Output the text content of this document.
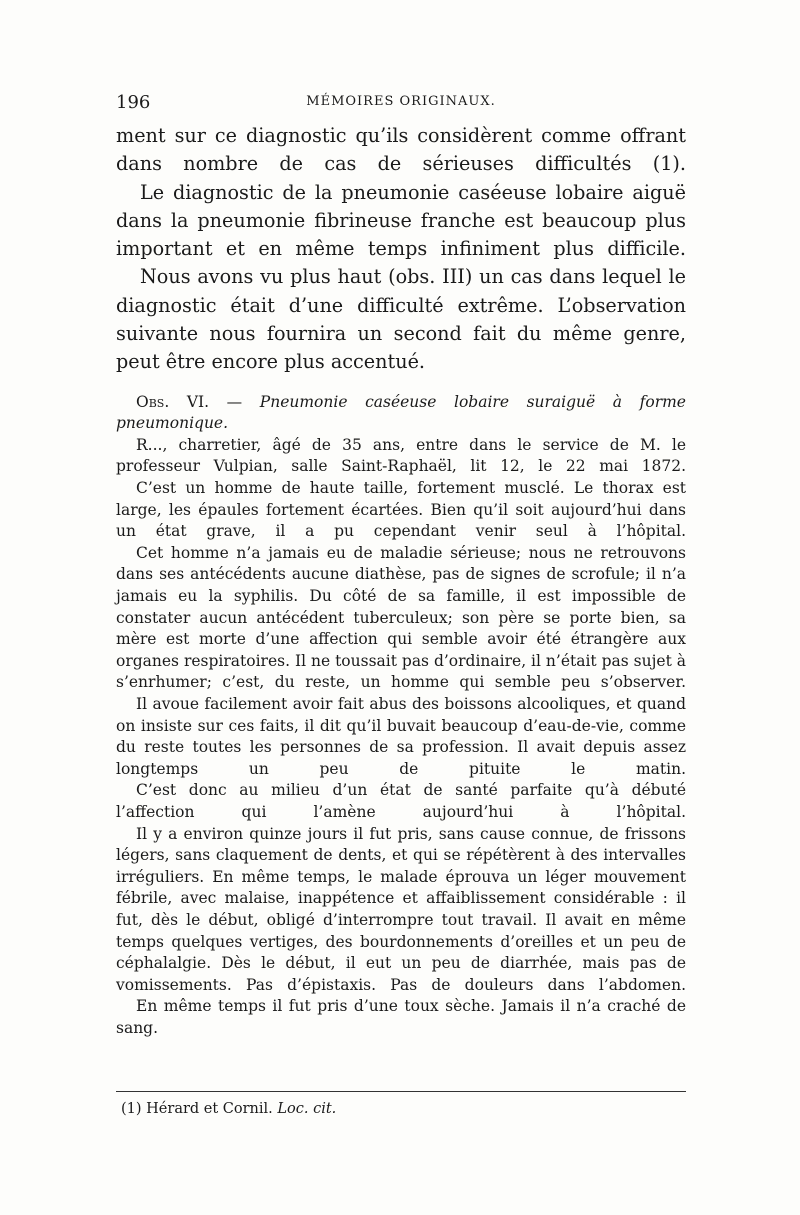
196	MÉMOIRES ORIGINAUX.

ment sur ce diagnostic qu’ils considèrent comme offrant dans nombre de cas de sérieuses difficultés (1).

Le diagnostic de la pneumonie caséeuse lobaire aiguë dans la pneumonie fibrineuse franche est beaucoup plus important et en même temps infiniment plus difficile.

Nous avons vu plus haut (obs. III) un cas dans lequel le diagnostic était d’une difficulté extrême. L’observation suivante nous fournira un second fait du même genre, peut être encore plus accentué.

Obs. VI. — Pneumonie caséeuse lobaire suraiguë à forme pneumonique.

R..., charretier, âgé de 35 ans, entre dans le service de M. le professeur Vulpian, salle Saint-Raphaël, lit 12, le 22 mai 1872.

C’est un homme de haute taille, fortement musclé. Le thorax est large, les épaules fortement écartées. Bien qu’il soit aujourd’hui dans un état grave, il a pu cependant venir seul à l’hôpital.

Cet homme n’a jamais eu de maladie sérieuse; nous ne retrouvons dans ses antécédents aucune diathèse, pas de signes de scrofule; il n’a jamais eu la syphilis. Du côté de sa famille, il est impossible de constater aucun antécédent tuberculeux; son père se porte bien, sa mère est morte d’une affection qui semble avoir été étrangère aux organes respiratoires. Il ne toussait pas d’ordinaire, il n’était pas sujet à s’enrhumer; c’est, du reste, un homme qui semble peu s’observer.

Il avoue facilement avoir fait abus des boissons alcooliques, et quand on insiste sur ces faits, il dit qu’il buvait beaucoup d’eau-de-vie, comme du reste toutes les personnes de sa profession. Il avait depuis assez longtemps un peu de pituite le matin.

C’est donc au milieu d’un état de santé parfaite qu’à débuté l’affection qui l’amène aujourd’hui à l’hôpital.

Il y a environ quinze jours il fut pris, sans cause connue, de frissons légers, sans claquement de dents, et qui se répétèrent à des intervalles irréguliers. En même temps, le malade éprouva un léger mouvement fébrile, avec malaise, inappétence et affaiblissement considérable : il fut, dès le début, obligé d’interrompre tout travail. Il avait en même temps quelques vertiges, des bourdonnements d’oreilles et un peu de céphalalgie. Dès le début, il eut un peu de diarrhée, mais pas de vomissements. Pas d’épistaxis. Pas de douleurs dans l’abdomen.

En même temps il fut pris d’une toux sèche. Jamais il n’a craché de sang.

(1) Hérard et Cornil. Loc. cit.
